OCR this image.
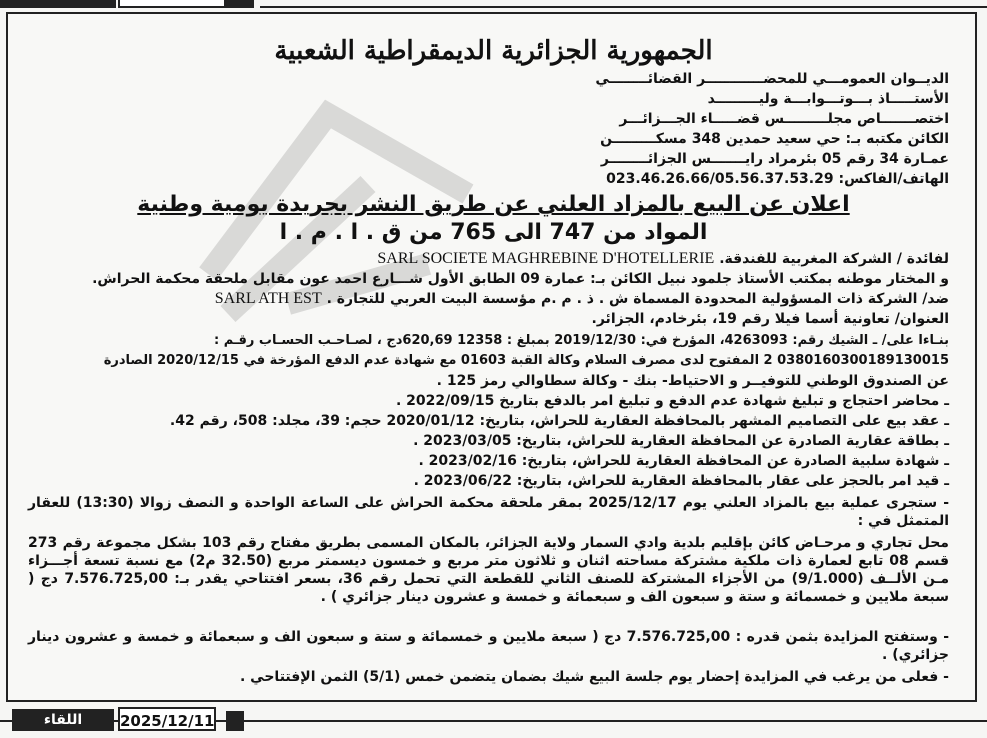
الجمهورية الجزائرية الديمقراطية الشعبية
الديــوان العمومـــي للمحضــــــــــــر القضائــــــــي
الأستـــــاذ بـــوتـــوابـــة وليـــــــــد
اختصـــــــاص مجلـــــــــس قضـــــاء الجـــزائـــر
الكائن مكتبه بـ: حي سعيد حمدين 348 مسكـــــــــن
عمـارة 34 رقم 05 بئرمراد رايـــــــس الجزائــــــــر
الهاتف/الفاكس: 023.46.26.66/05.56.37.53.29
اعلان عن البيع بالمزاد العلني عن طريق النشر بجريدة يومية وطنية
المواد من 747 الى 765 من ق . ا . م . ا
لفائدة / الشركة المغربية للفندقة. SARL SOCIETE MAGHREBINE D'HOTELLERIE
و المختار موطنه بمكتب الأستاذ جلمود نبيل الكائن بـ: عمارة 09 الطابق الأول شـــارع احمد عون مقابل ملحقة محكمة الحراش.
ضد/ الشركة ذات المسؤولية المحدودة المسماة ش . ذ . م .م مؤسسة البيت العربي للتجارة . SARL ATH EST
العنوان/ تعاونية أسما فيلا رقم 19، بئرخادم، الجزائر.
بنـاءا على/ ـ الشيك رقم: 4263093، المؤرخ في: 2019/12/30 بمبلغ : 12358 620,69دج ، لصـاحـب الحسـاب رقـم :
0380160300189130015 2 المفتوح لدى مصرف السلام وكالة القبة 01603 مع شهادة عدم الدفع المؤرخة في 2020/12/15 الصادرة
عن الصندوق الوطني للتوفيــر و الاحتياط- بنك - وكالة سطاوالي رمز 125 .
ـ محاضر احتجاج و تبليغ شهادة عدم الدفع و تبليغ امر بالدفع بتاريخ 2022/09/15 .
ـ عقد بيع على التصاميم المشهر بالمحافظة العقارية للحراش، بتاريخ: 2020/01/12 حجم: 39، مجلد: 508، رقم 42.
ـ بطاقة عقارية الصادرة عن المحافظة العقارية للحراش، بتاريخ: 2023/03/05 .
ـ شهادة سلبية الصادرة عن المحافظة العقارية للحراش، بتاريخ: 2023/02/16 .
ـ قيد امر بالحجز على عقار بالمحافظة العقارية للحراش، بتاريخ: 2023/06/22 .
- ستجرى عملية بيع بالمزاد العلني يوم 2025/12/17 بمقر ملحقة محكمة الحراش على الساعة الواحدة و النصف زوالا (13:30) للعقار المتمثل في :
محل تجاري و مرحـاض كائن بإقليم بلدية وادي السمار ولاية الجزائر، بالمكان المسمى بطريق مفتاح رقم 103 بشكل مجموعة رقم 273 قسم 08 تابع لعمارة ذات ملكية مشتركة مساحته اثنان و ثلاثون متر مربع و خمسون ديسمتر مربع (32.50 م2) مع نسبة تسعة أجـــزاء مـن الألــف (9/1.000) من الأجزاء المشتركة للصنف الثاني للقطعة التي تحمل رقم 36، بسعر افتتاحي يقدر بـ: 7.576.725,00 دج ( سبعة ملايين و خمسمائة و ستة و سبعون الف و سبعمائة و خمسة و عشرون دينار جزائري ) .
- وستفتح المزايدة بثمن قدره : 7.576.725,00 دج ( سبعة ملايين و خمسمائة و ستة و سبعون الف و سبعمائة و خمسة و عشرون دينار جزائري) .
- فعلى من يرغب في المزايدة إحضار يوم جلسة البيع شيك بضمان يتضمن خمس (5/1) الثمن الإفتتاحي .
اللقاء	2025/12/11
